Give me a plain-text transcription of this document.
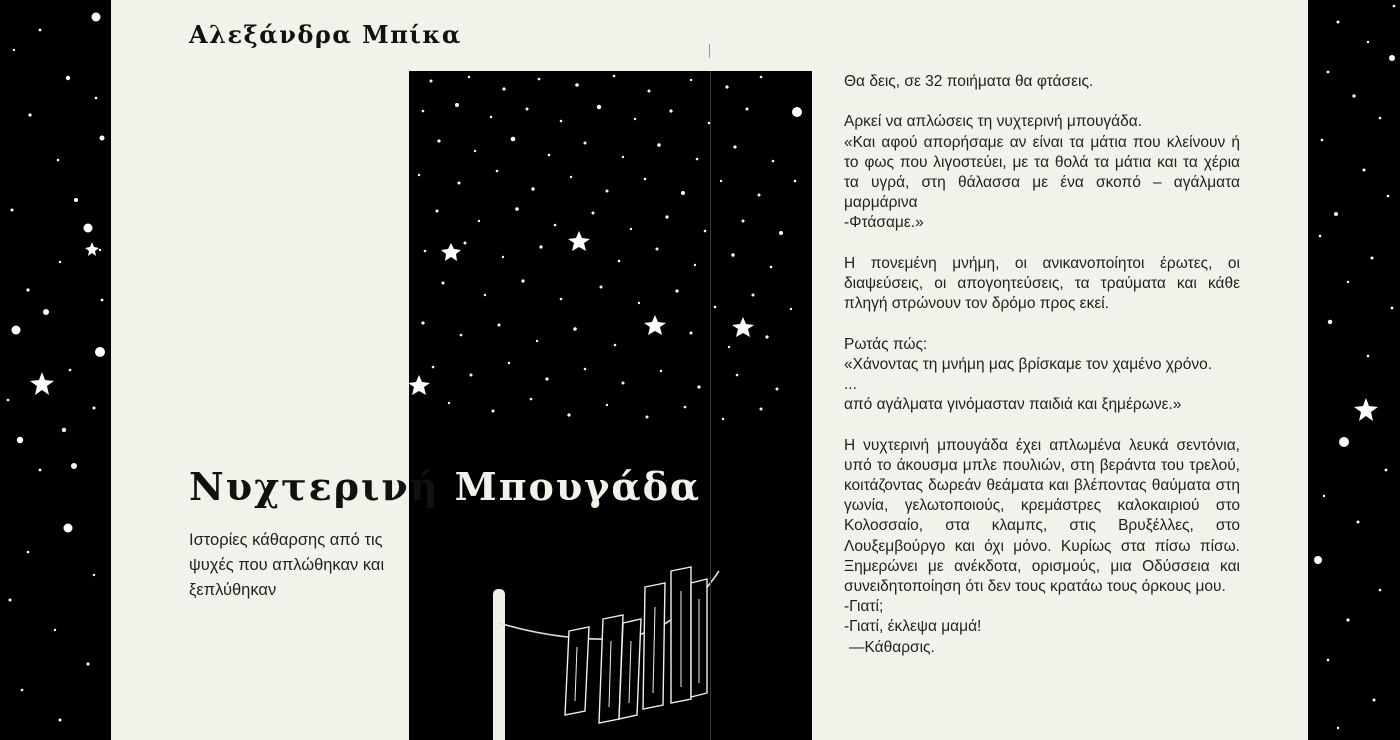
Αλεξάνδρα Μπίκα
Νυχτερινή Μπουγάδα

Ιστορίες κάθαρσης από τις ψυχές που απλώθηκαν και ξεπλύθηκαν

Θα δεις, σε 32 ποιήματα θα φτάσεις.

Αρκεί να απλώσεις τη νυχτερινή μπουγάδα.
«Και αφού απορήσαμε αν είναι τα μάτια που κλείνουν ή το φως που λιγοστεύει, με τα θολά τα μάτια και τα χέρια τα υγρά, στη θάλασσα με ένα σκοπό – αγάλματα μαρμάρινα
-Φτάσαμε.»

Η πονεμένη μνήμη, οι ανικανοποίητοι έρωτες, οι διαψεύσεις, οι απογοητεύσεις, τα τραύματα και κάθε πληγή στρώνουν τον δρόμο προς εκεί.

Ρωτάς πώς:
«Χάνοντας τη μνήμη μας βρίσκαμε τον χαμένο χρόνο.
...
από αγάλματα γινόμασταν παιδιά και ξημέρωνε.»

Η νυχτερινή μπουγάδα έχει απλωμένα λευκά σεντόνια, υπό το άκουσμα μπλε πουλιών, στη βεράντα του τρελού, κοιτάζοντας δωρεάν θεάματα και βλέποντας θαύματα στη γωνία, γελωτοποιούς, κρεμάστρες καλοκαιριού στο Κολοσσαίο, στα κλαμπς, στις Βρυξέλλες, στο Λουξεμβούργο και όχι μόνο. Κυρίως στα πίσω πίσω. Ξημερώνει με ανέκδοτα, ορισμούς, μια Οδύσσεια και συνειδητοποίηση ότι δεν τους κρατάω τους όρκους μου.
-Γιατί;
-Γιατί, έκλεψα μαμά!
—Κάθαρσις.
